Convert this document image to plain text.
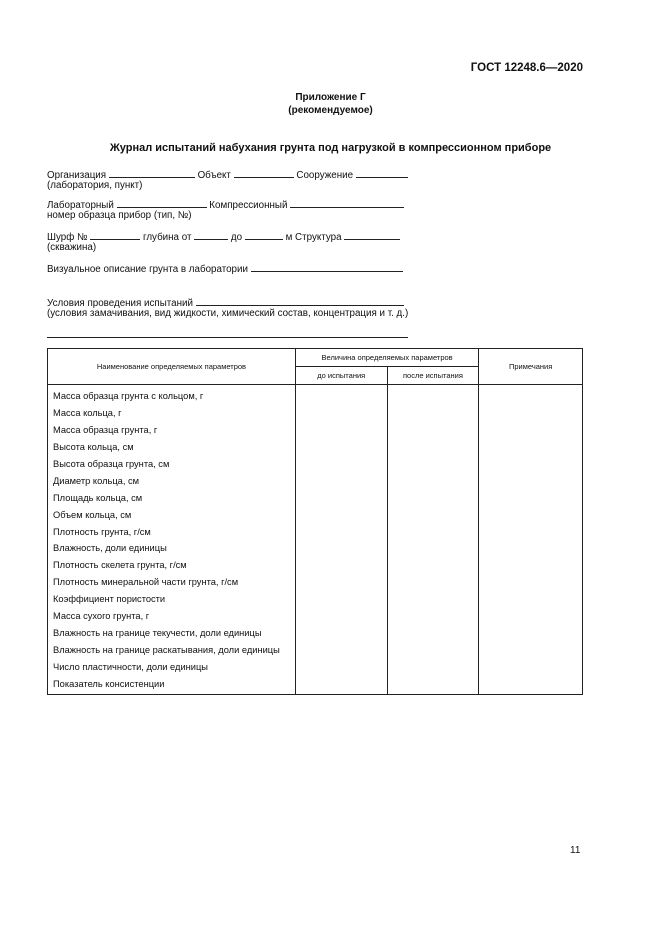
ГОСТ 12248.6—2020
Приложение Г
(рекомендуемое)
Журнал испытаний набухания грунта под нагрузкой в компрессионном приборе
Организация	Объект	Сооружение
(лаборатория, пункт)
Лабораторный	Компрессионный
номер образца прибор (тип, №)
Шурф №	глубина от	до	м Структура
(скважина)
Визуальное описание грунта в лаборатории
Условия проведения испытаний
(условия замачивания, вид жидкости, химический состав, концентрация и т. д.)
Наименование определяемых параметров	Величина определяемых параметров		Примечания
	до испытания	после испытания	
Масса образца грунта с кольцом, г			
Масса кольца, г			
Масса образца грунта, г			
Высота кольца, см			
Высота образца грунта, см			
Диаметр кольца, см			
Площадь кольца, см			
Объем кольца, см			
Плотность грунта, г/см			
Влажность, доли единицы			
Плотность скелета грунта, г/см			
Плотность минеральной части грунта, г/см			
Коэффициент пористости			
Масса сухого грунта, г			
Влажность на границе текучести, доли единицы			
Влажность на границе раскатывания, доли единицы			
Число пластичности, доли единицы			
Показатель консистенции			
11
